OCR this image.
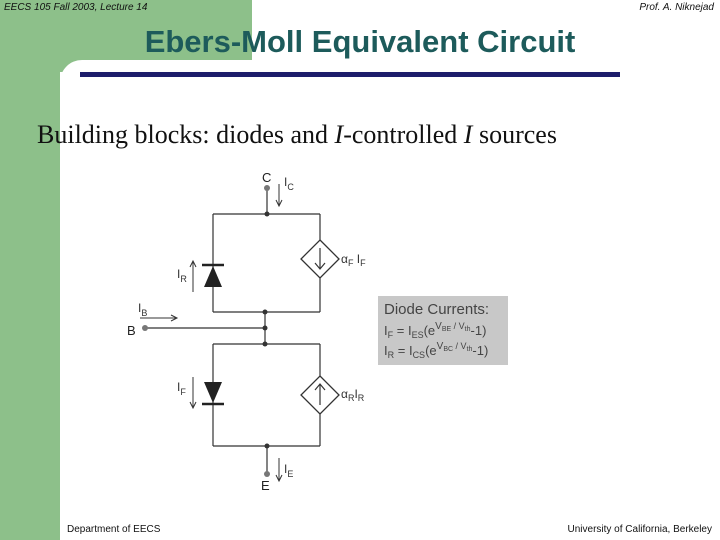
EECS 105 Fall 2003, Lecture 14	Prof. A. Niknejad
Ebers-Moll Equivalent Circuit
Building blocks: diodes and I-controlled I sources
C
B
E
$I_C$
$I_B$
$I_E$
$I_R$
$I_F$
$\alpha_F$ $I_F$
$\alpha_RI_R$
Diode Currents:
$I_F = I_{ES}(e^VBE / Vth-1)$
$I_R = I_{CS}(e^VBC / Vth-1)$
Department of EECS	University of California, Berkeley
